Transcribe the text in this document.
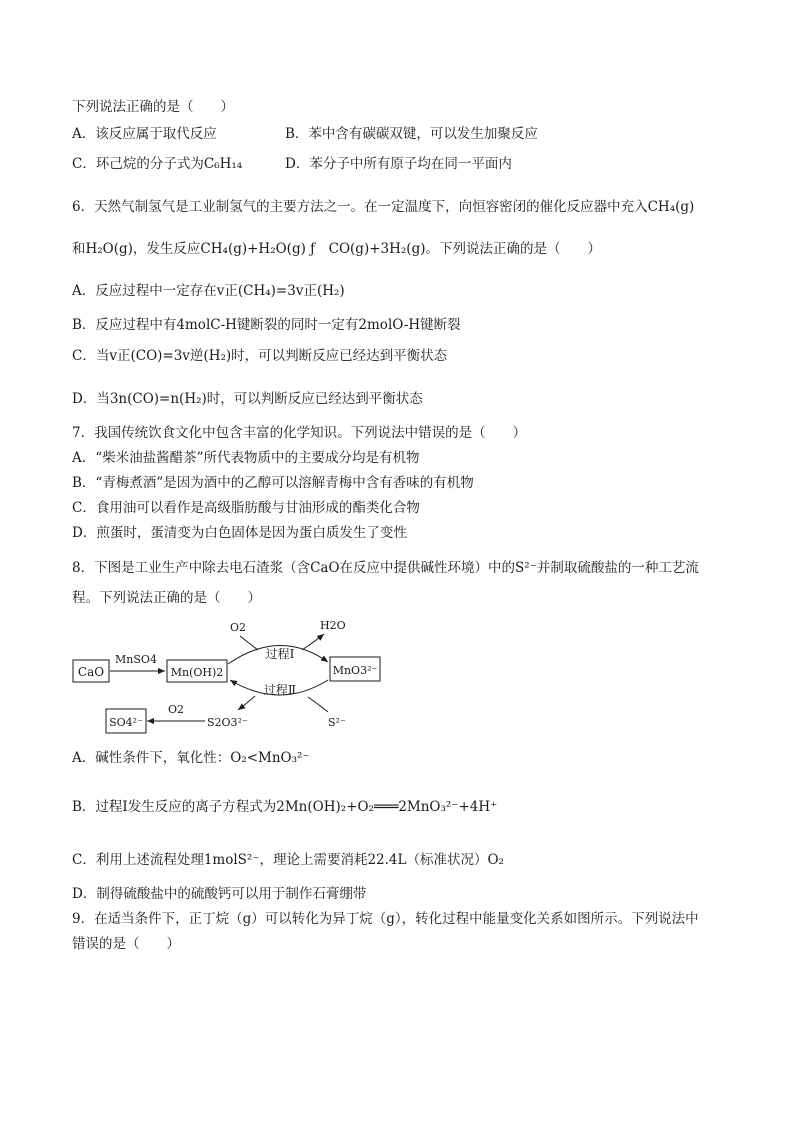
下列说法正确的是（　　）
A．该反应属于取代反应	B．苯中含有碳碳双键，可以发生加聚反应
C．环己烷的分子式为C₆H₁₄	D．苯分子中所有原子均在同一平面内
6．天然气制氢气是工业制氢气的主要方法之一。在一定温度下，向恒容密闭的催化反应器中充入CH₄(g)
和H₂O(g)，发生反应CH₄(g)+H₂O(g) ƒ　CO(g)+3H₂(g)。下列说法正确的是（　　）
A．反应过程中一定存在v正(CH₄)=3v正(H₂)
B．反应过程中有4molC-H键断裂的同时一定有2molO-H键断裂
C．当v正(CO)=3v逆(H₂)时，可以判断反应已经达到平衡状态
D．当3n(CO)=n(H₂)时，可以判断反应已经达到平衡状态
7．我国传统饮食文化中包含丰富的化学知识。下列说法中错误的是（　　）
A．“柴米油盐酱醋茶”所代表物质中的主要成分均是有机物
B．“青梅煮酒”是因为酒中的乙醇可以溶解青梅中含有香味的有机物
C．食用油可以看作是高级脂肪酸与甘油形成的酯类化合物
D．煎蛋时，蛋清变为白色固体是因为蛋白质发生了变性
8．下图是工业生产中除去电石渣浆（含CaO在反应中提供碱性环境）中的S²⁻并制取硫酸盐的一种工艺流
程。下列说法正确的是（　　）
CaO
MnSO4
Mn(OH)2	MnO3²⁻
O2	H2O
过程Ⅰ
过程Ⅱ
S²⁻
S2O3²⁻
O2
SO4²⁻
A．碱性条件下，氧化性：O₂<MnO₃²⁻
B．过程Ⅰ发生反应的离子方程式为2Mn(OH)₂+O₂═══2MnO₃²⁻+4H⁺
C．利用上述流程处理1molS²⁻，理论上需要消耗22.4L（标准状况）O₂
D．制得硫酸盐中的硫酸钙可以用于制作石膏绷带
9．在适当条件下，正丁烷（g）可以转化为异丁烷（g），转化过程中能量变化关系如图所示。下列说法中
错误的是（　　）
